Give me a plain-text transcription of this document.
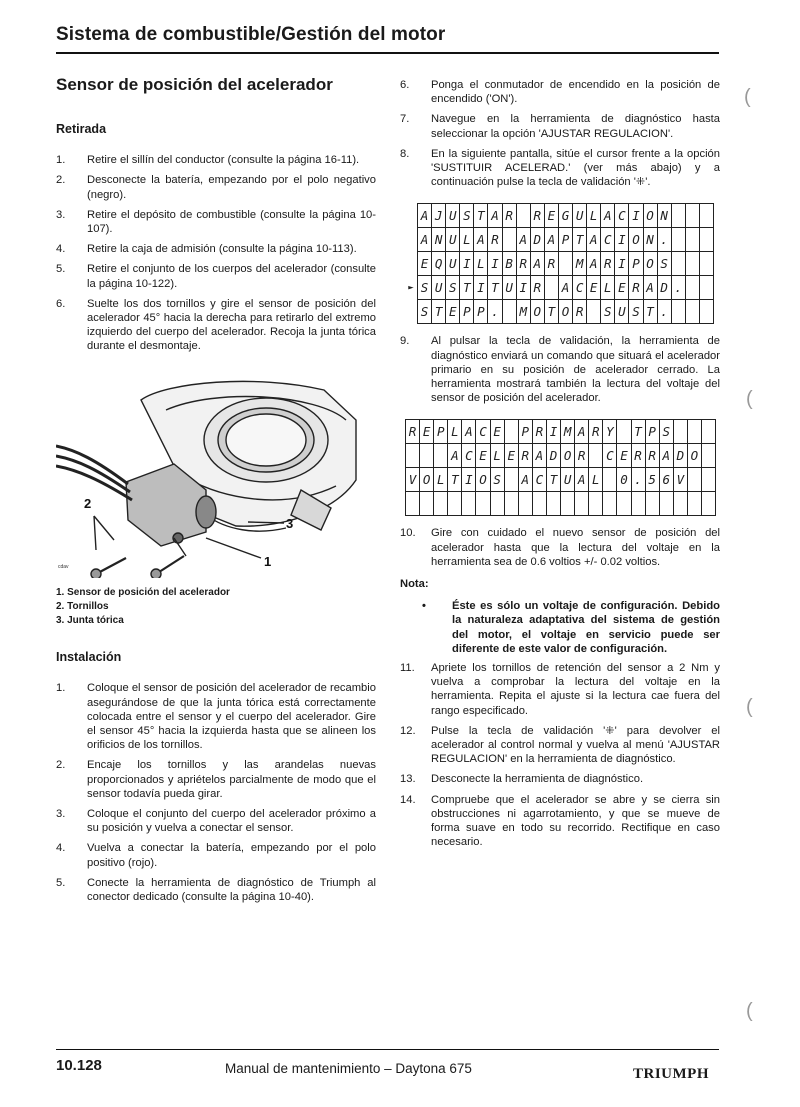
Sistema de combustible/Gestión del motor
Sensor de posición del acelerador
Retirada
1.	Retire el sillín del conductor (consulte la página 16-11).
2.	Desconecte la batería, empezando por el polo negativo (negro).
3.	Retire el depósito de combustible (consulte la página 10-107).
4.	Retire la caja de admisión (consulte la página 10-113).
5.	Retire el conjunto de los cuerpos del acelerador (consulte la página 10-122).
6.	Suelte los dos tornillos y gire el sensor de posición del acelerador 45° hacia la derecha para retirarlo del extremo izquierdo del cuerpo del acelerador. Recoja la junta tórica durante el desmontaje.
2
3
1
cdav
1. Sensor de posición del acelerador
2. Tornillos
3. Junta tórica
Instalación
1.	Coloque el sensor de posición del acelerador de recambio asegurándose de que la junta tórica está correctamente colocada entre el sensor y el cuerpo del acelerador. Gire el sensor 45° hacia la izquierda hasta que se alineen los orificios de los tornillos.
2.	Encaje los tornillos y las arandelas nuevas proporcionados y apriételos parcialmente de modo que el sensor todavía pueda girar.
3.	Coloque el conjunto del cuerpo del acelerador próximo a su posición y vuelva a conectar el sensor.
4.	Vuelva a conectar la batería, empezando por el polo positivo (rojo).
5.	Conecte la herramienta de diagnóstico de Triumph al conector dedicado (consulte la página 10-40).
6.	Ponga el conmutador de encendido en la posición de encendido ('ON').
7.	Navegue en la herramienta de diagnóstico hasta seleccionar la opción 'AJUSTAR REGULACION'.
8.	En la siguiente pantalla, sitúe el cursor frente a la opción 'SUSTITUIR ACELERAD.' (ver más abajo) y a continuación pulse la tecla de validación '⁜'.
	A	J	U	S	T	A	R		R	E	G	U	L	A	C	I	O	N			
	A	N	U	L	A	R		A	D	A	P	T	A	C	I	O	N	.			
	E	Q	U	I	L	I	B	R	A	R		M	A	R	I	P	O	S			
►	S	U	S	T	I	T	U	I	R		A	C	E	L	E	R	A	D	.		
	S	T	E	P	P	.		M	O	T	O	R		S	U	S	T	.			
9.	Al pulsar la tecla de validación, la herramienta de diagnóstico enviará un comando que situará el acelerador primario en su posición de acelerador cerrado. La herramienta mostrará también la lectura del voltaje del sensor de posición del acelerador.
R	E	P	L	A	C	E		P	R	I	M	A	R	Y		T	P	S			
			A	C	E	L	E	R	A	D	O	R		C	E	R	R	A	D	O	
V	O	L	T	I	O	S		A	C	T	U	A	L		0	.	5	6	V		

10.	Gire con cuidado el nuevo sensor de posición del acelerador hasta que la lectura del voltaje en la herramienta sea de 0.6 voltios +/- 0.02 voltios.

Nota:

•	Éste es sólo un voltaje de configuración. Debido la naturaleza adaptativa del sistema de gestión del motor, el voltaje en servicio puede ser diferente de este valor de configuración.
11.	Apriete los tornillos de retención del sensor a 2 Nm y vuelva a comprobar la lectura del voltaje en la herramienta. Repita el ajuste si la lectura cae fuera del rango especificado.
12.	Pulse la tecla de validación '⁜' para devolver el acelerador al control normal y vuelva al menú 'AJUSTAR REGULACION' en la herramienta de diagnóstico.
13.	Desconecte la herramienta de diagnóstico.
14.	Compruebe que el acelerador se abre y se cierra sin obstrucciones ni agarrotamiento, y que se mueve de forma suave en todo su recorrido. Rectifique en caso necesario.
(
(
(
(
10.128	Manual de mantenimiento – Daytona 675	TRIUMPH
